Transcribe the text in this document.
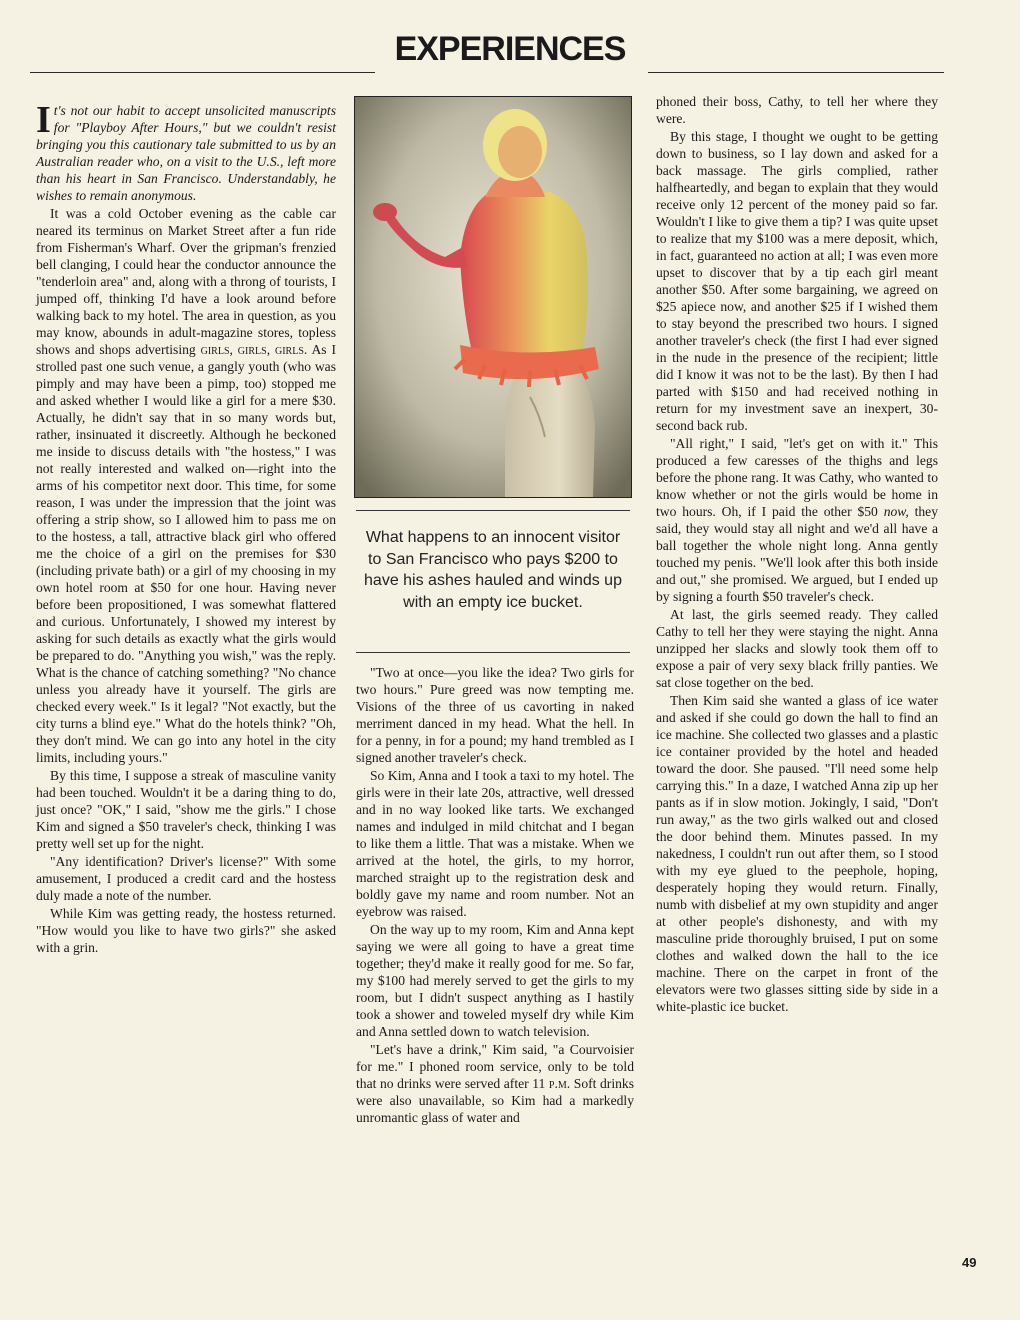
EXPERIENCES

It's not our habit to accept unsolicited manuscripts for "Playboy After Hours," but we couldn't resist bringing you this cautionary tale submitted to us by an Australian reader who, on a visit to the U.S., left more than his heart in San Francisco. Understandably, he wishes to remain anonymous.

It was a cold October evening as the cable car neared its terminus on Market Street after a fun ride from Fisherman's Wharf. Over the gripman's frenzied bell clanging, I could hear the conductor announce the "tenderloin area" and, along with a throng of tourists, I jumped off, thinking I'd have a look around before walking back to my hotel. The area in question, as you may know, abounds in adult-magazine stores, topless shows and shops advertising girls, girls, girls. As I strolled past one such venue, a gangly youth (who was pimply and may have been a pimp, too) stopped me and asked whether I would like a girl for a mere $30. Actually, he didn't say that in so many words but, rather, insinuated it discreetly. Although he beckoned me inside to discuss details with "the hostess," I was not really interested and walked on—right into the arms of his competitor next door. This time, for some reason, I was under the impression that the joint was offering a strip show, so I allowed him to pass me on to the hostess, a tall, attractive black girl who offered me the choice of a girl on the premises for $30 (including private bath) or a girl of my choosing in my own hotel room at $50 for one hour. Having never before been propositioned, I was somewhat flattered and curious. Unfortunately, I showed my interest by asking for such details as exactly what the girls would be prepared to do. "Anything you wish," was the reply. What is the chance of catching something? "No chance unless you already have it yourself. The girls are checked every week." Is it legal? "Not exactly, but the city turns a blind eye." What do the hotels think? "Oh, they don't mind. We can go into any hotel in the city limits, including yours."

By this time, I suppose a streak of masculine vanity had been touched. Wouldn't it be a daring thing to do, just once? "OK," I said, "show me the girls." I chose Kim and signed a $50 traveler's check, thinking I was pretty well set up for the night.

"Any identification? Driver's license?" With some amusement, I produced a credit card and the hostess duly made a note of the number.

While Kim was getting ready, the hostess returned. "How would you like to have two girls?" she asked with a grin.

What happens to an innocent visitor to San Francisco who pays $200 to have his ashes hauled and winds up with an empty ice bucket.

"Two at once—you like the idea? Two girls for two hours." Pure greed was now tempting me. Visions of the three of us cavorting in naked merriment danced in my head. What the hell. In for a penny, in for a pound; my hand trembled as I signed another traveler's check.

So Kim, Anna and I took a taxi to my hotel. The girls were in their late 20s, attractive, well dressed and in no way looked like tarts. We exchanged names and indulged in mild chitchat and I began to like them a little. That was a mistake. When we arrived at the hotel, the girls, to my horror, marched straight up to the registration desk and boldly gave my name and room number. Not an eyebrow was raised.

On the way up to my room, Kim and Anna kept saying we were all going to have a great time together; they'd make it really good for me. So far, my $100 had merely served to get the girls to my room, but I didn't suspect anything as I hastily took a shower and toweled myself dry while Kim and Anna settled down to watch television.

"Let's have a drink," Kim said, "a Courvoisier for me." I phoned room service, only to be told that no drinks were served after 11 p.m. Soft drinks were also unavailable, so Kim had a markedly unromantic glass of water and

phoned their boss, Cathy, to tell her where they were.

By this stage, I thought we ought to be getting down to business, so I lay down and asked for a back massage. The girls complied, rather halfheartedly, and began to explain that they would receive only 12 percent of the money paid so far. Wouldn't I like to give them a tip? I was quite upset to realize that my $100 was a mere deposit, which, in fact, guaranteed no action at all; I was even more upset to discover that by a tip each girl meant another $50. After some bargaining, we agreed on $25 apiece now, and another $25 if I wished them to stay beyond the prescribed two hours. I signed another traveler's check (the first I had ever signed in the nude in the presence of the recipient; little did I know it was not to be the last). By then I had parted with $150 and had received nothing in return for my investment save an inexpert, 30-second back rub.

"All right," I said, "let's get on with it." This produced a few caresses of the thighs and legs before the phone rang. It was Cathy, who wanted to know whether or not the girls would be home in two hours. Oh, if I paid the other $50 now, they said, they would stay all night and we'd all have a ball together the whole night long. Anna gently touched my penis. "We'll look after this both inside and out," she promised. We argued, but I ended up by signing a fourth $50 traveler's check.

At last, the girls seemed ready. They called Cathy to tell her they were staying the night. Anna unzipped her slacks and slowly took them off to expose a pair of very sexy black frilly panties. We sat close together on the bed.

Then Kim said she wanted a glass of ice water and asked if she could go down the hall to find an ice machine. She collected two glasses and a plastic ice container provided by the hotel and headed toward the door. She paused. "I'll need some help carrying this." In a daze, I watched Anna zip up her pants as if in slow motion. Jokingly, I said, "Don't run away," as the two girls walked out and closed the door behind them. Minutes passed. In my nakedness, I couldn't run out after them, so I stood with my eye glued to the peephole, hoping, desperately hoping they would return. Finally, numb with disbelief at my own stupidity and anger at other people's dishonesty, and with my masculine pride thoroughly bruised, I put on some clothes and walked down the hall to the ice machine. There on the carpet in front of the elevators were two glasses sitting side by side in a white-plastic ice bucket.

49
